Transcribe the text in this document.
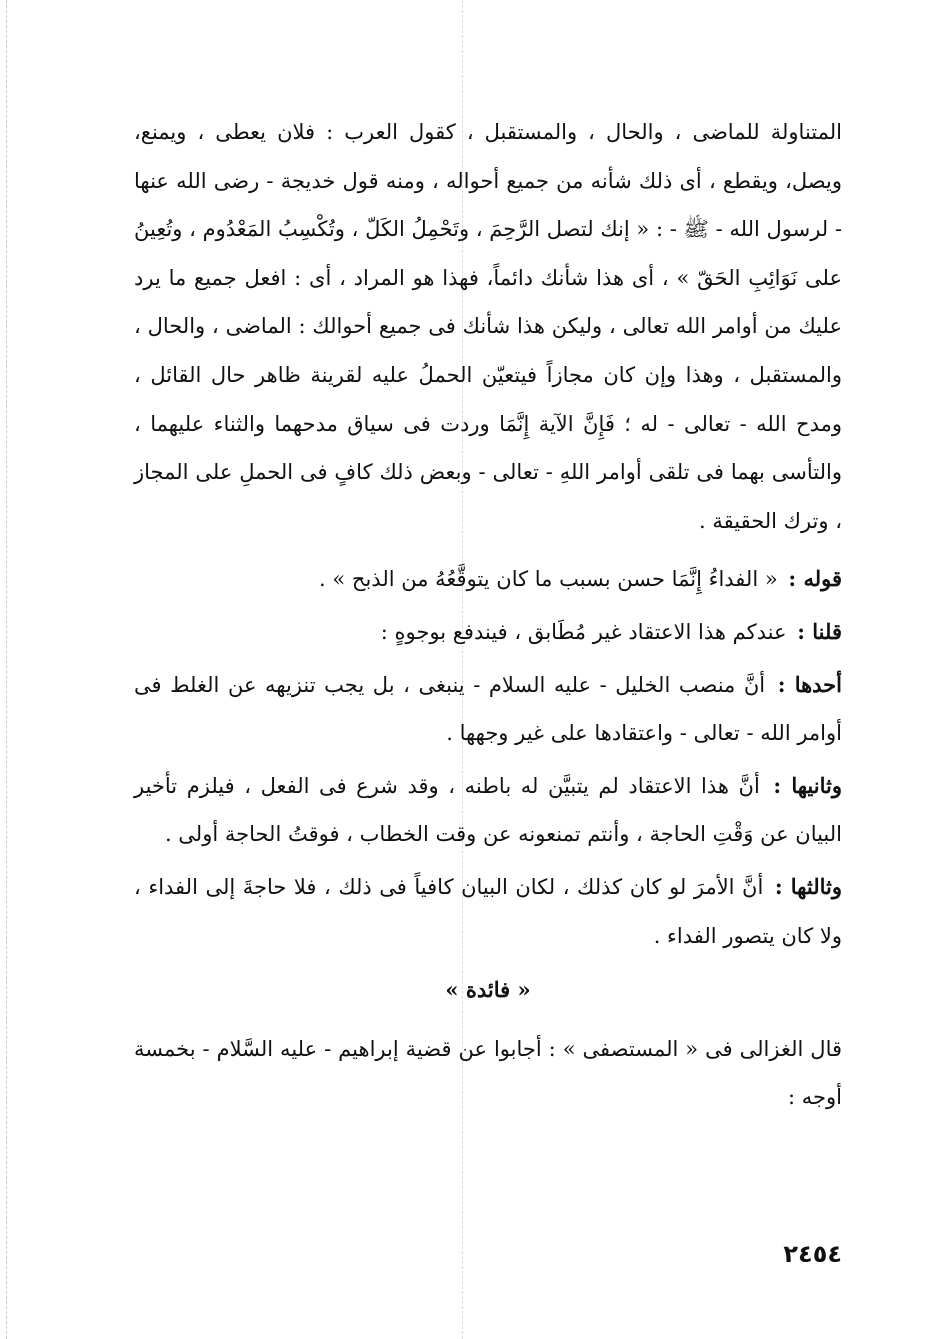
المتناولة للماضى ، والحال ، والمستقبل ، كقول العرب : فلان يعطى ، ويمنع، ويصل، ويقطع ، أى ذلك شأنه من جميع أحواله ، ومنه قول خديجة - رضى الله عنها - لرسول الله - ﷺ - : « إنك لتصل الرَّحِمَ ، وتَحْمِلُ الكَلّ ، وتُكْسِبُ المَعْدُوم ، وتُعِينُ على نَوَائِبِ الحَقّ » ، أى هذا شأنك دائماً، فهذا هو المراد ، أى : افعل جميع ما يرد عليك من أوامر الله تعالى ، وليكن هذا شأنك فى جميع أحوالك : الماضى ، والحال ، والمستقبل ، وهذا وإن كان مجازاً فيتعيّن الحملُ عليه لقرينة ظاهر حال القائل ، ومدح الله - تعالى - له ؛ فَإِنَّ الآية إِنَّمَا وردت فى سياق مدحهما والثناء عليهما ، والتأسى بهما فى تلقى أوامر اللهِ - تعالى - وبعض ذلك كافٍ فى الحملِ على المجاز ، وترك الحقيقة .

قوله : « الفداءُ إِنَّمَا حسن بسبب ما كان يتوقَّعُهُ من الذبح » .

قلنا : عندكم هذا الاعتقاد غير مُطَابق ، فيندفع بوجوهٍ :

أحدها : أنَّ منصب الخليل - عليه السلام - ينبغى ، بل يجب تنزيهه عن الغلط فى أوامر الله - تعالى - واعتقادها على غير وجهها .

وثانيها : أنَّ هذا الاعتقاد لم يتبيَّن له باطنه ، وقد شرع فى الفعل ، فيلزم تأخير البيان عن وَقْتِ الحاجة ، وأنتم تمنعونه عن وقت الخطاب ، فوقتُ الحاجة أولى .

وثالثها : أنَّ الأمرَ لو كان كذلك ، لكان البيان كافياً فى ذلك ، فلا حاجةَ إلى الفداء ، ولا كان يتصور الفداء .

« فائدة »

قال الغزالى فى « المستصفى » : أجابوا عن قضية إبراهيم - عليه السَّلام - بخمسة أوجه :

٢٤٥٤
